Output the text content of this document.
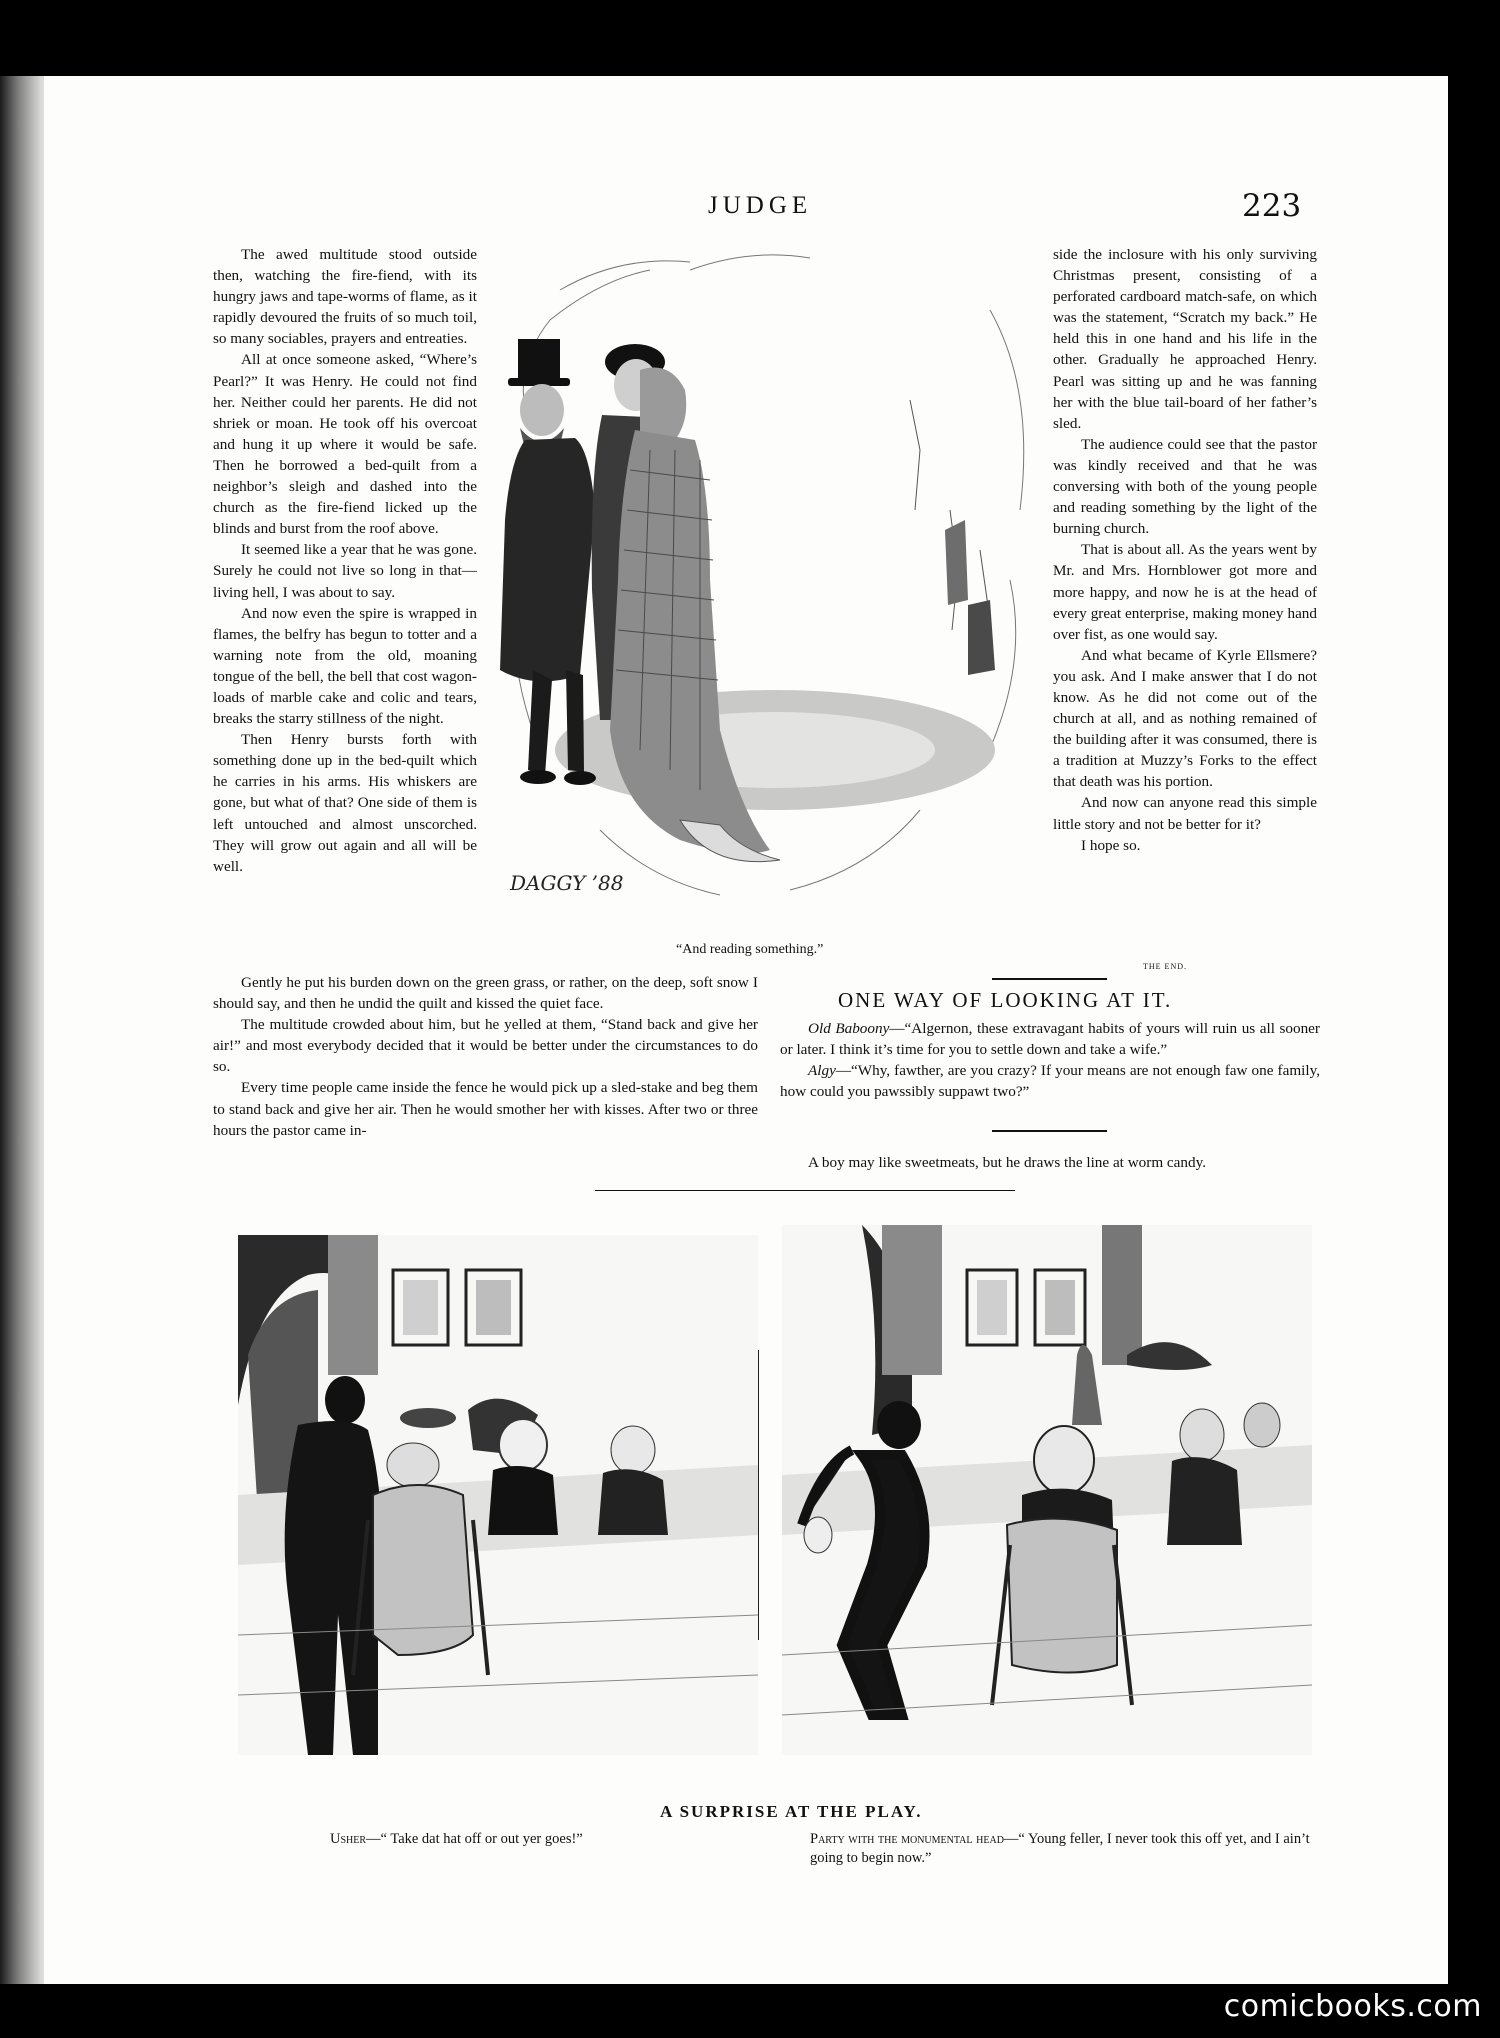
JUDGE	223

The awed multitude stood outside then, watching the fire-fiend, with its hungry jaws and tape-worms of flame, as it rapidly devoured the fruits of so much toil, so many sociables, prayers and entreaties.

All at once someone asked, “Where’s Pearl?” It was Henry. He could not find her. Neither could her parents. He did not shriek or moan. He took off his overcoat and hung it up where it would be safe. Then he borrowed a bed-quilt from a neighbor’s sleigh and dashed into the church as the fire-fiend licked up the blinds and burst from the roof above.

It seemed like a year that he was gone. Surely he could not live so long in that—living hell, I was about to say.

And now even the spire is wrapped in flames, the belfry has begun to totter and a warning note from the old, moaning tongue of the bell, the bell that cost wagon-loads of marble cake and colic and tears, breaks the starry stillness of the night.

Then Henry bursts forth with something done up in the bed-quilt which he carries in his arms. His whiskers are gone, but what of that? One side of them is left untouched and almost unscorched. They will grow out again and all will be well.

DAGGY ’88
“And reading something.”

side the inclosure with his only surviving Christmas present, consisting of a perforated cardboard match-safe, on which was the statement, “Scratch my back.” He held this in one hand and his life in the other. Gradually he approached Henry. Pearl was sitting up and he was fanning her with the blue tail-board of her father’s sled.

The audience could see that the pastor was kindly received and that he was conversing with both of the young people and reading something by the light of the burning church.

That is about all. As the years went by Mr. and Mrs. Hornblower got more and more happy, and now he is at the head of every great enterprise, making money hand over fist, as one would say.

And what became of Kyrle Ellsmere? you ask. And I make answer that I do not know. As he did not come out of the church at all, and as nothing remained of the building after it was consumed, there is a tradition at Muzzy’s Forks to the effect that death was his portion.

And now can anyone read this simple little story and not be better for it?

I hope so.

THE END.

Gently he put his burden down on the green grass, or rather, on the deep, soft snow I should say, and then he undid the quilt and kissed the quiet face.

The multitude crowded about him, but he yelled at them, “Stand back and give her air!” and most everybody decided that it would be better under the circumstances to do so.

Every time people came inside the fence he would pick up a sled-stake and beg them to stand back and give her air. Then he would smother her with kisses. After two or three hours the pastor came in-

ONE WAY OF LOOKING AT IT.

Old Baboony—“Algernon, these extravagant habits of yours will ruin us all sooner or later. I think it’s time for you to settle down and take a wife.”

Algy—“Why, fawther, are you crazy? If your means are not enough faw one family, how could you pawssibly suppawt two?”

A boy may like sweetmeats, but he draws the line at worm candy.

A SURPRISE AT THE PLAY.
Usher—“ Take dat hat off or out yer goes!”	Party with the monumental head—“ Young feller, I never took this off yet, and I ain’t going to begin now.”
comicbooks.com
